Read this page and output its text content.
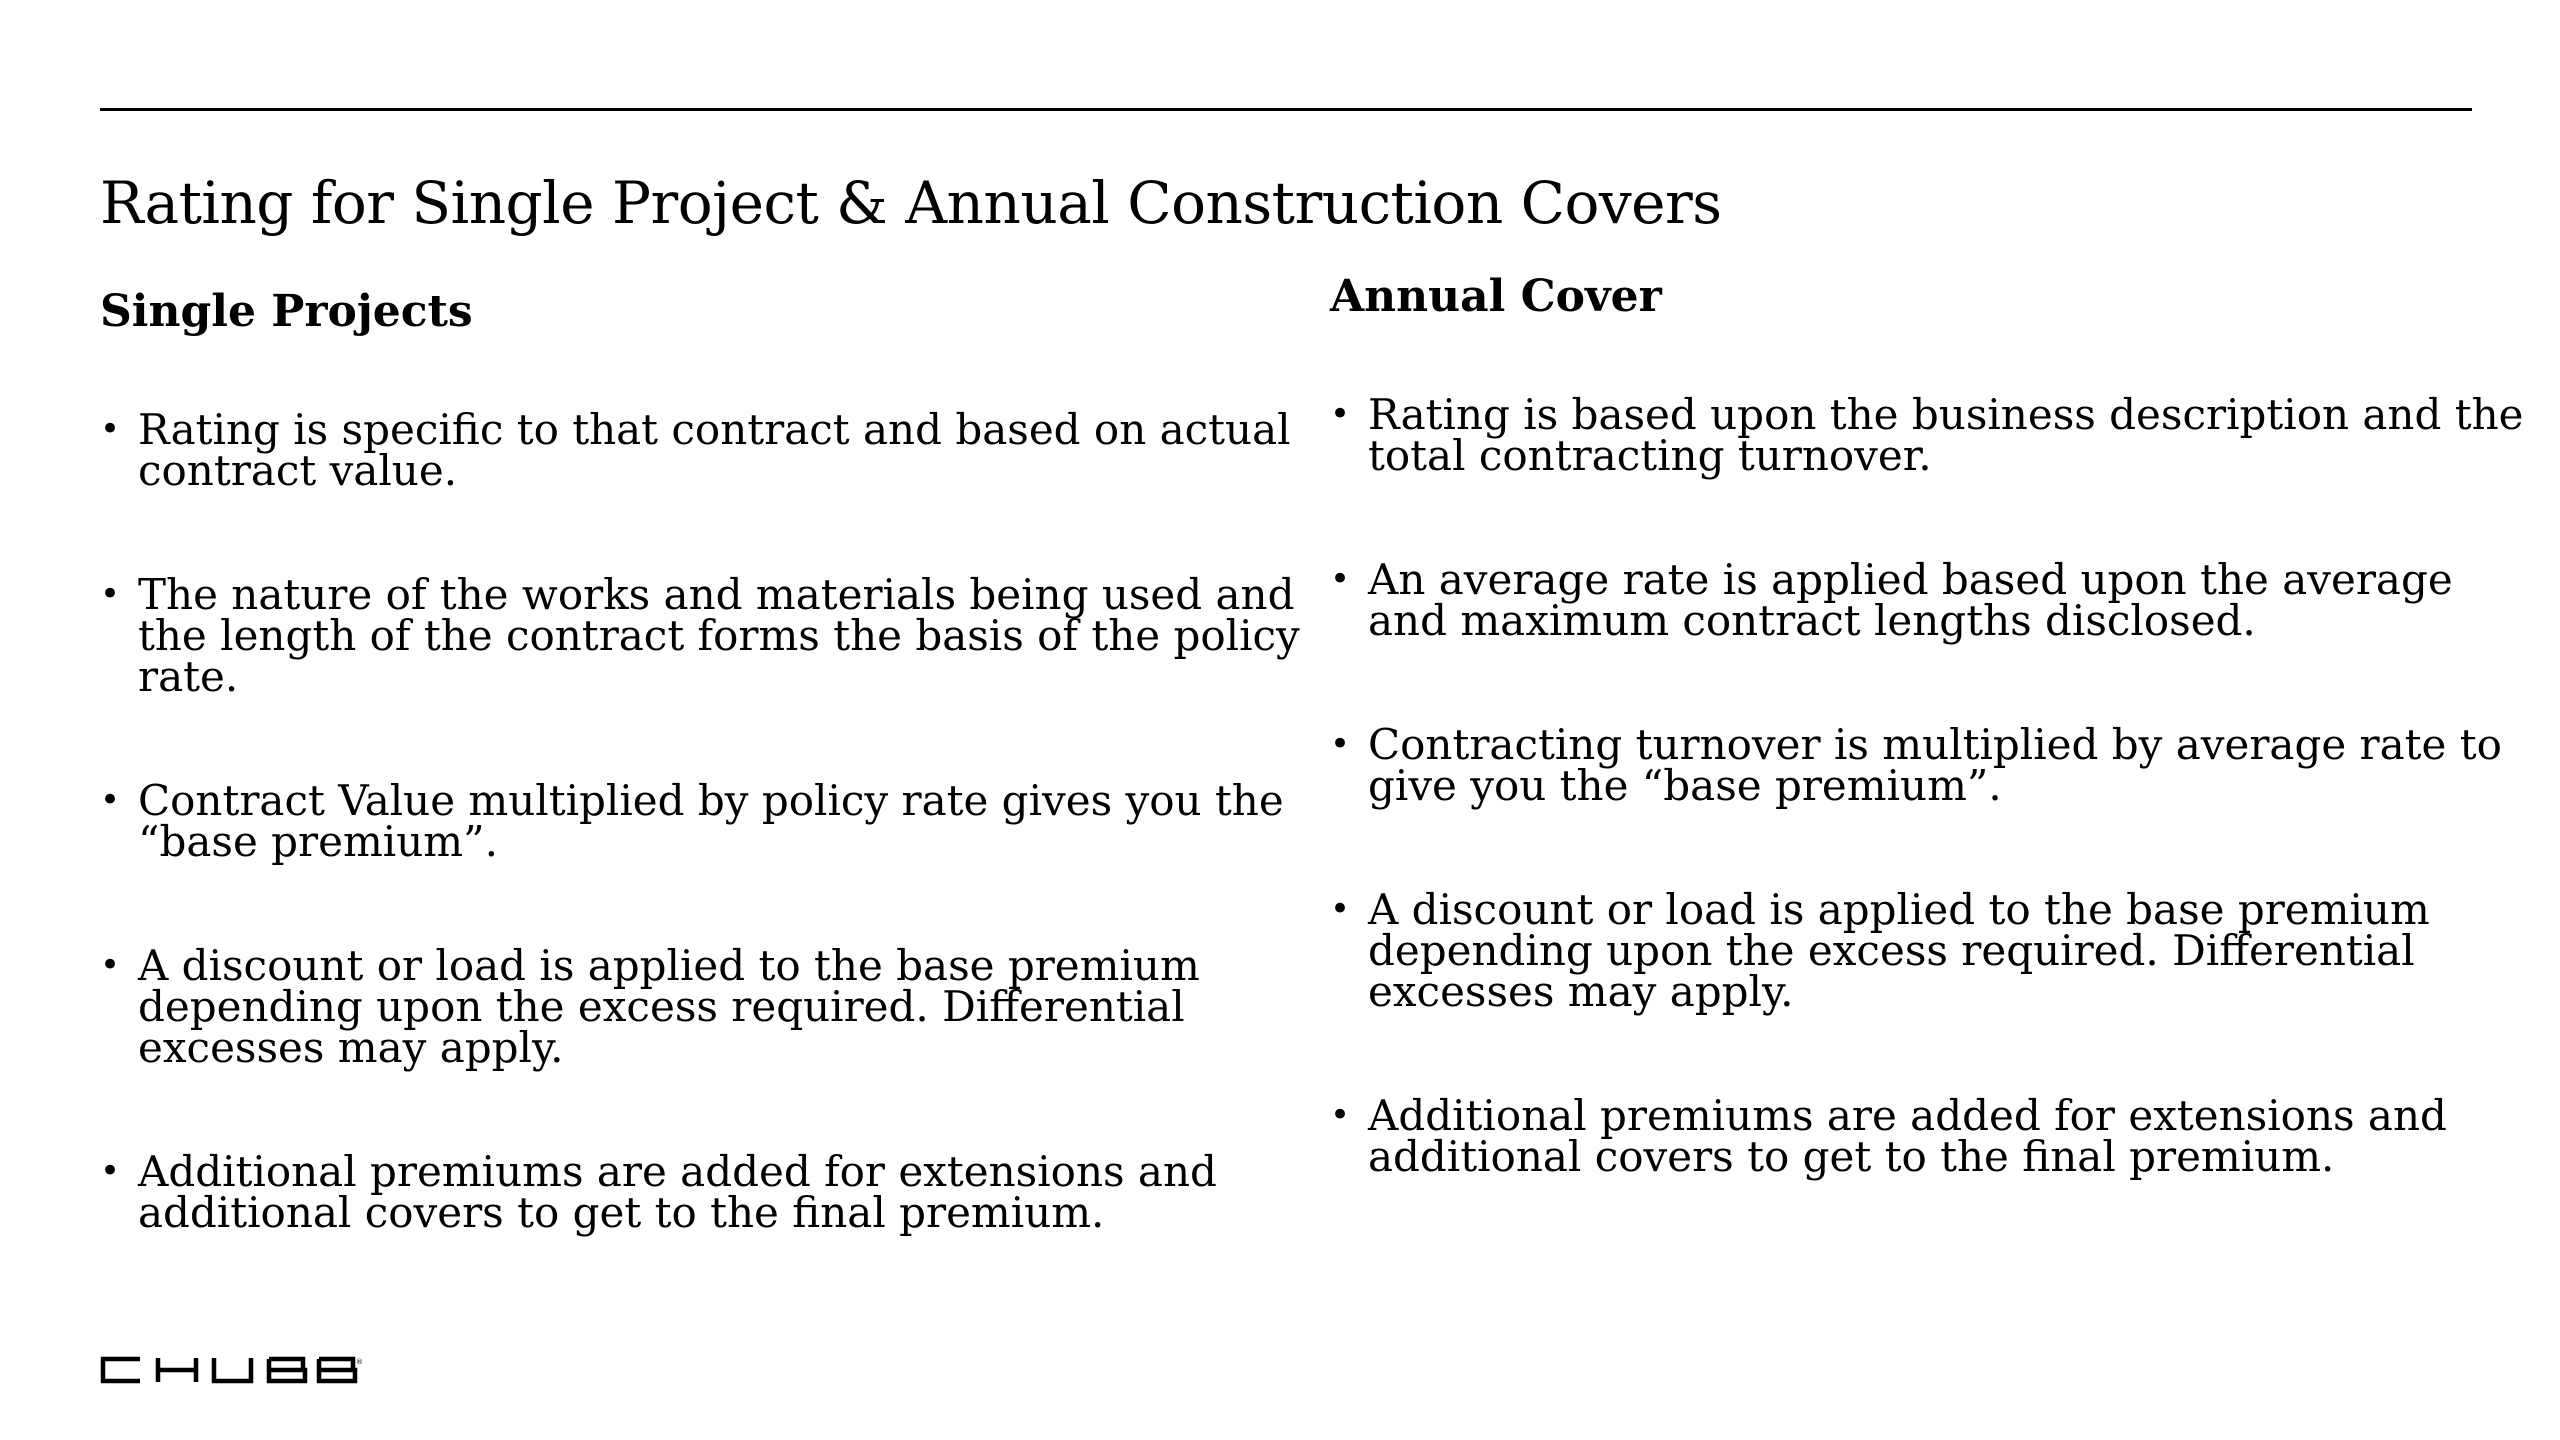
Rating for Single Project & Annual Construction Covers
Single Projects
• Rating is specific to that contract and based on actual contract value.
• The nature of the works and materials being used and the length of the contract forms the basis of the policy rate.
• Contract Value multiplied by policy rate gives you the “base premium”.
• A discount or load is applied to the base premium depending upon the excess required. Differential excesses may apply.
• Additional premiums are added for extensions and additional covers to get to the final premium.
Annual Cover
• Rating is based upon the business description and the total contracting turnover.
• An average rate is applied based upon the average and maximum contract lengths disclosed.
• Contracting turnover is multiplied by average rate to give you the “base premium”.
• A discount or load is applied to the base premium depending upon the excess required. Differential excesses may apply.
• Additional premiums are added for extensions and additional covers to get to the final premium.
®
